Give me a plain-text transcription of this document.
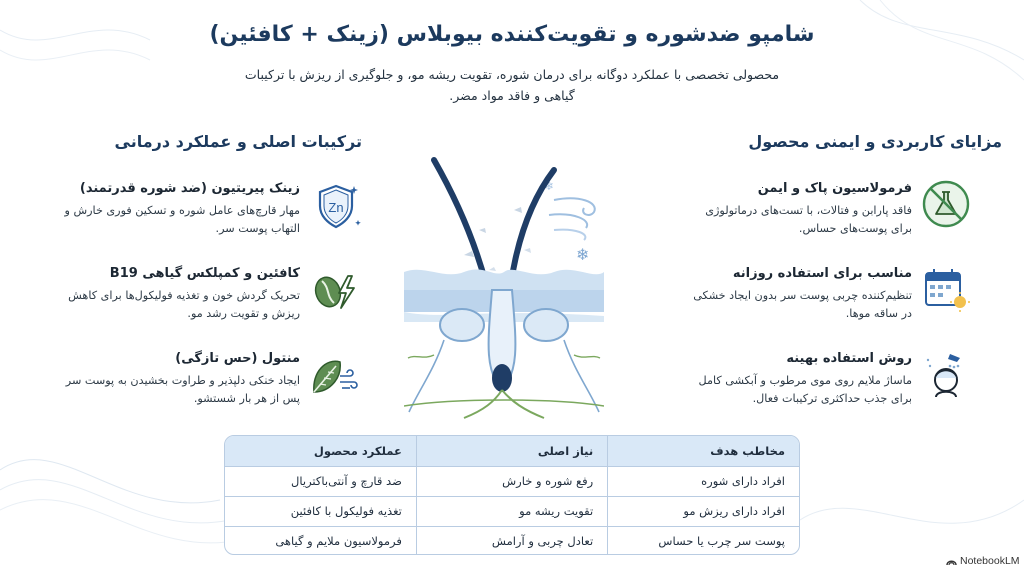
شامپو ضدشوره و تقویت‌کننده بیوبلاس (زینک + کافئین)
محصولی تخصصی با عملکرد دوگانه برای درمان شوره، تقویت ریشه مو، و جلوگیری از ریزش با ترکیبات گیاهی و فاقد مواد مضر.
ترکیبات اصلی و عملکرد درمانی	مزایای کاربردی و ایمنی محصول
زینک پیریتیون (ضد شوره قدرتمند)
مهار قارچ‌های عامل شوره و تسکین فوری خارش و التهاب پوست سر.
Zn
کافئین و کمپلکس گیاهی B19
تحریک گردش خون و تغذیه فولیکول‌ها برای کاهش ریزش و تقویت رشد مو.
منتول (حس تازگی)
ایجاد خنکی دلپذیر و طراوت بخشیدن به پوست سر پس از هر بار شستشو.
❄
❄	فرمولاسیون پاک و ایمن
فاقد پارابن و فتالات، با تست‌های درماتولوژی برای پوست‌های حساس.
مناسب برای استفاده روزانه
تنظیم‌کننده چربی پوست سر بدون ایجاد خشکی در ساقه موها.
روش استفاده بهینه
ماساژ ملایم روی موی مرطوب و آبکشی کامل برای جذب حداکثری ترکیبات فعال.
مخاطب هدف	نیاز اصلی	عملکرد محصول
افراد دارای شوره	رفع شوره و خارش	ضد قارچ و آنتی‌باکتریال
افراد دارای ریزش مو	تقویت ریشه مو	تغذیه فولیکول با کافئین
پوست سر چرب یا حساس	تعادل چربی و آرامش	فرمولاسیون ملایم و گیاهی
NotebookLM
